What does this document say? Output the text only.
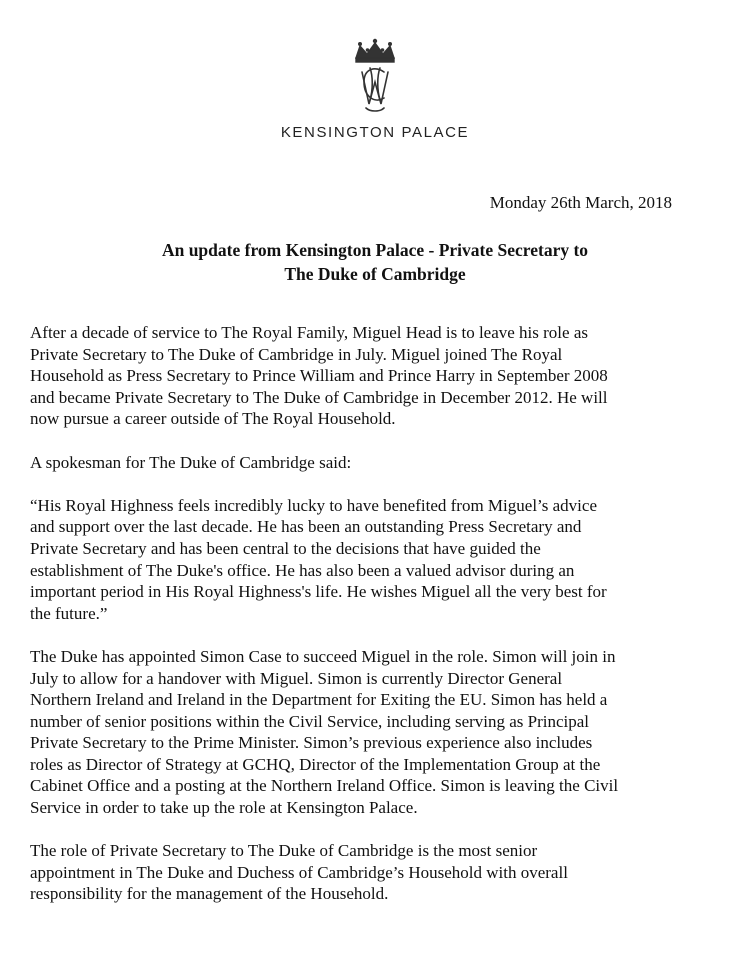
KENSINGTON PALACE
Monday 26th March, 2018
An update from Kensington Palace - Private Secretary to
The Duke of Cambridge

After a decade of service to The Royal Family, Miguel Head is to leave his role as
Private Secretary to The Duke of Cambridge in July. Miguel joined The Royal
Household as Press Secretary to Prince William and Prince Harry in September 2008
and became Private Secretary to The Duke of Cambridge in December 2012. He will
now pursue a career outside of The Royal Household.

A spokesman for The Duke of Cambridge said:

“His Royal Highness feels incredibly lucky to have benefited from Miguel’s advice
and support over the last decade. He has been an outstanding Press Secretary and
Private Secretary and has been central to the decisions that have guided the
establishment of The Duke's office. He has also been a valued advisor during an
important period in His Royal Highness's life. He wishes Miguel all the very best for
the future.”

The Duke has appointed Simon Case to succeed Miguel in the role. Simon will join in
July to allow for a handover with Miguel. Simon is currently Director General
Northern Ireland and Ireland in the Department for Exiting the EU. Simon has held a
number of senior positions within the Civil Service, including serving as Principal
Private Secretary to the Prime Minister. Simon’s previous experience also includes
roles as Director of Strategy at GCHQ, Director of the Implementation Group at the
Cabinet Office and a posting at the Northern Ireland Office. Simon is leaving the Civil
Service in order to take up the role at Kensington Palace.

The role of Private Secretary to The Duke of Cambridge is the most senior
appointment in The Duke and Duchess of Cambridge’s Household with overall
responsibility for the management of the Household.
